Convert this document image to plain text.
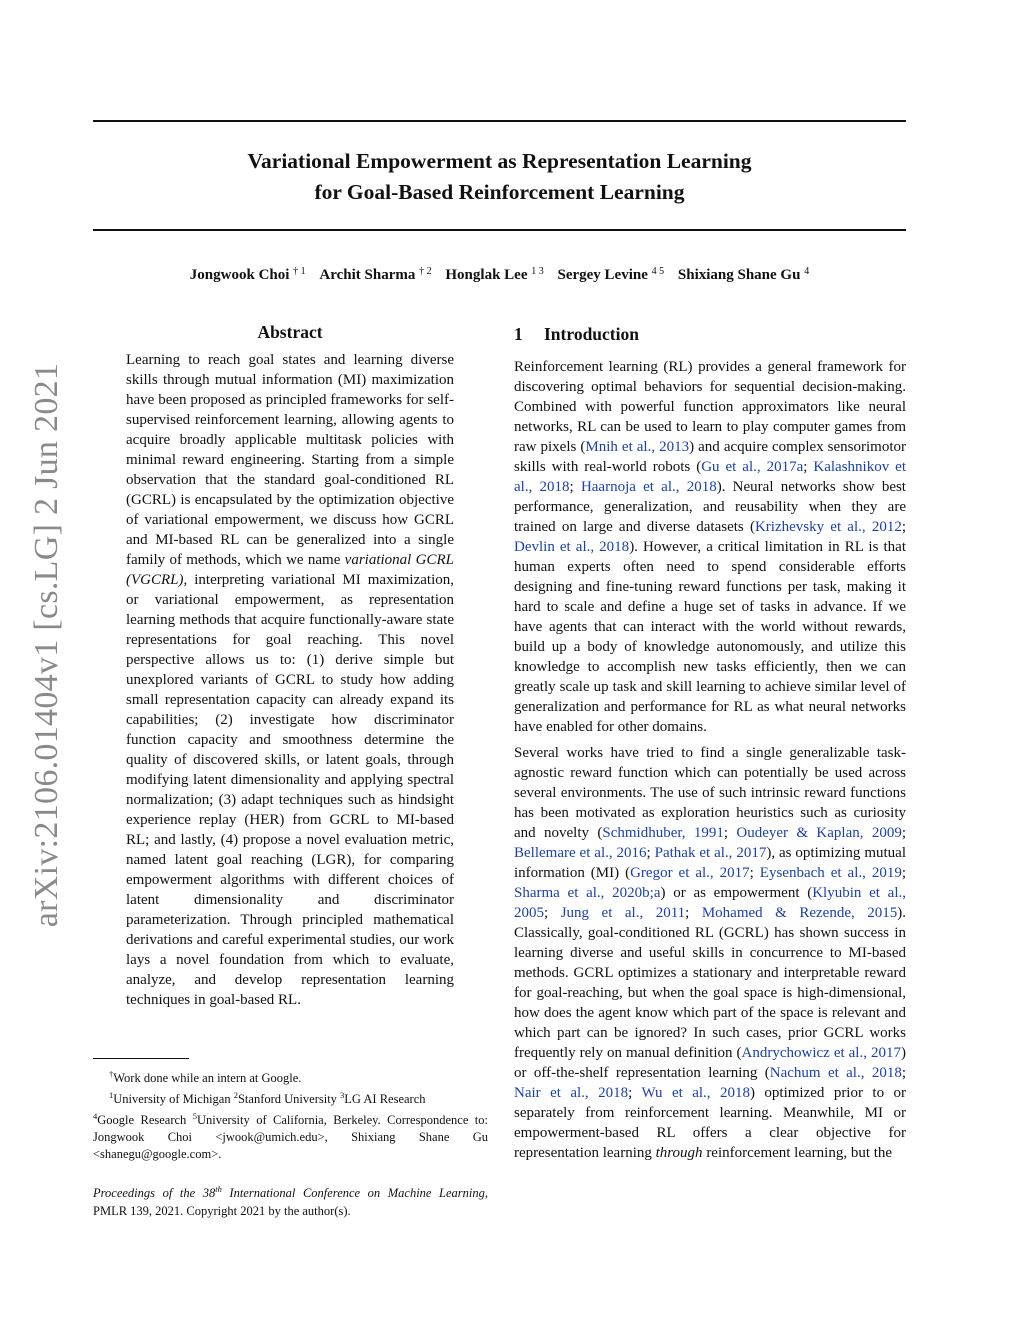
Variational Empowerment as Representation Learning
for Goal-Based Reinforcement Learning
Jongwook Choi $^{\dagger 1}$ Archit Sharma $^{\dagger 2}$ Honglak Lee $^{1 3}$ Sergey Levine $^{4 5}$ Shixiang Shane Gu $^4$
arXiv:2106.01404v1 [cs.LG] 2 Jun 2021
Abstract

Learning to reach goal states and learning diverse skills through mutual information (MI) maximization have been proposed as principled frameworks for self-supervised reinforcement learning, allowing agents to acquire broadly applicable multitask policies with minimal reward engineering. Starting from a simple observation that the standard goal-conditioned RL (GCRL) is encapsulated by the optimization objective of variational empowerment, we discuss how GCRL and MI-based RL can be generalized into a single family of methods, which we name variational GCRL (VGCRL), interpreting variational MI maximization, or variational empowerment, as representation learning methods that acquire functionally-aware state representations for goal reaching. This novel perspective allows us to: (1) derive simple but unexplored variants of GCRL to study how adding small representation capacity can already expand its capabilities; (2) investigate how discriminator function capacity and smoothness determine the quality of discovered skills, or latent goals, through modifying latent dimensionality and applying spectral normalization; (3) adapt techniques such as hindsight experience replay (HER) from GCRL to MI-based RL; and lastly, (4) propose a novel evaluation metric, named latent goal reaching (LGR), for comparing empowerment algorithms with different choices of latent dimensionality and discriminator parameterization. Through principled mathematical derivations and careful experimental studies, our work lays a novel foundation from which to evaluate, analyze, and develop representation learning techniques in goal-based RL.

†Work done while an intern at Google.
$^1$University of Michigan $^2$Stanford University $^3$LG AI Research
$^4$Google Research $^5$University of California, Berkeley. Correspondence to: Jongwook Choi <jwook@umich.edu>, Shixiang Shane Gu <shanegu@google.com>.
Proceedings of the 38th International Conference on Machine Learning, PMLR 139, 2021. Copyright 2021 by the author(s).
1 Introduction

Reinforcement learning (RL) provides a general framework for discovering optimal behaviors for sequential decision-making. Combined with powerful function approximators like neural networks, RL can be used to learn to play computer games from raw pixels (Mnih et al., 2013) and acquire complex sensorimotor skills with real-world robots (Gu et al., 2017a; Kalashnikov et al., 2018; Haarnoja et al., 2018). Neural networks show best performance, generalization, and reusability when they are trained on large and diverse datasets (Krizhevsky et al., 2012; Devlin et al., 2018). However, a critical limitation in RL is that human experts often need to spend considerable efforts designing and fine-tuning reward functions per task, making it hard to scale and define a huge set of tasks in advance. If we have agents that can interact with the world without rewards, build up a body of knowledge autonomously, and utilize this knowledge to accomplish new tasks efficiently, then we can greatly scale up task and skill learning to achieve similar level of generalization and performance for RL as what neural networks have enabled for other domains.

Several works have tried to find a single generalizable task-agnostic reward function which can potentially be used across several environments. The use of such intrinsic reward functions has been motivated as exploration heuristics such as curiosity and novelty (Schmidhuber, 1991; Oudeyer & Kaplan, 2009; Bellemare et al., 2016; Pathak et al., 2017), as optimizing mutual information (MI) (Gregor et al., 2017; Eysenbach et al., 2019; Sharma et al., 2020b;a) or as empowerment (Klyubin et al., 2005; Jung et al., 2011; Mohamed & Rezende, 2015). Classically, goal-conditioned RL (GCRL) has shown success in learning diverse and useful skills in concurrence to MI-based methods. GCRL optimizes a stationary and interpretable reward for goal-reaching, but when the goal space is high-dimensional, how does the agent know which part of the space is relevant and which part can be ignored? In such cases, prior GCRL works frequently rely on manual definition (Andrychowicz et al., 2017) or off-the-shelf representation learning (Nachum et al., 2018; Nair et al., 2018; Wu et al., 2018) optimized prior to or separately from reinforcement learning. Meanwhile, MI or empowerment-based RL offers a clear objective for representation learning through reinforcement learning, but the
